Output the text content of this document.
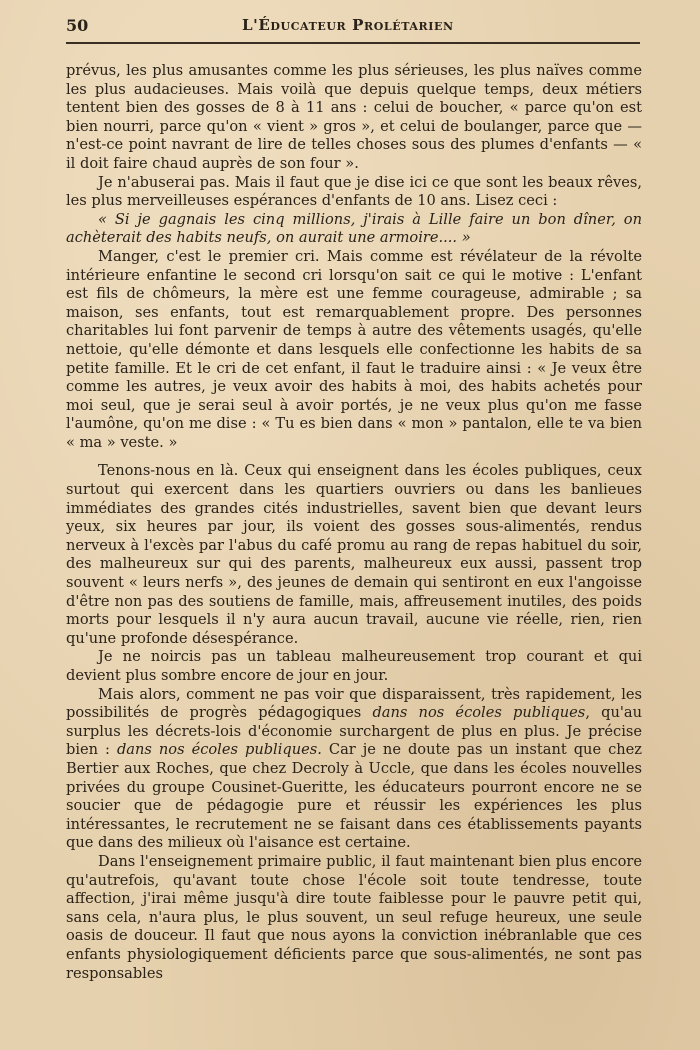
50	L'Éducateur Prolétarien

prévus, les plus amusantes comme les plus sérieuses, les plus naïves comme les plus audacieuses. Mais voilà que depuis quelque temps, deux métiers tentent bien des gosses de 8 à 11 ans : celui de boucher, « parce qu'on est bien nourri, parce qu'on « vient » gros », et celui de boulanger, parce que — n'est-ce point navrant de lire de telles choses sous des plumes d'enfants — « il doit faire chaud auprès de son four ».

Je n'abuserai pas. Mais il faut que je dise ici ce que sont les beaux rêves, les plus merveilleuses espérances d'enfants de 10 ans. Lisez ceci :

« Si je gagnais les cinq millions, j'irais à Lille faire un bon dîner, on achèterait des habits neufs, on aurait une armoire.... »

Manger, c'est le premier cri. Mais comme est révélateur de la révolte intérieure enfantine le second cri lorsqu'on sait ce qui le motive : L'enfant est fils de chômeurs, la mère est une femme courageuse, admirable ; sa maison, ses enfants, tout est remarquablement propre. Des personnes charitables lui font parvenir de temps à autre des vêtements usagés, qu'elle nettoie, qu'elle démonte et dans lesquels elle confectionne les habits de sa petite famille. Et le cri de cet enfant, il faut le traduire ainsi : « Je veux être comme les autres, je veux avoir des habits à moi, des habits achetés pour moi seul, que je serai seul à avoir portés, je ne veux plus qu'on me fasse l'aumône, qu'on me dise : « Tu es bien dans « mon » pantalon, elle te va bien « ma » veste. »

Tenons-nous en là. Ceux qui enseignent dans les écoles publiques, ceux surtout qui exercent dans les quartiers ouvriers ou dans les banlieues immédiates des grandes cités industrielles, savent bien que devant leurs yeux, six heures par jour, ils voient des gosses sous-alimentés, rendus nerveux à l'excès par l'abus du café promu au rang de repas habituel du soir, des malheureux sur qui des parents, malheureux eux aussi, passent trop souvent « leurs nerfs », des jeunes de demain qui sentiront en eux l'angoisse d'être non pas des soutiens de famille, mais, affreusement inutiles, des poids morts pour lesquels il n'y aura aucun travail, aucune vie réelle, rien, rien qu'une profonde désespérance.

Je ne noircis pas un tableau malheureusement trop courant et qui devient plus sombre encore de jour en jour.

Mais alors, comment ne pas voir que disparaissent, très rapidement, les possibilités de progrès pédagogiques dans nos écoles publiques, qu'au surplus les décrets-lois d'économie surchargent de plus en plus. Je précise bien : dans nos écoles publiques. Car je ne doute pas un instant que chez Bertier aux Roches, que chez Decroly à Uccle, que dans les écoles nouvelles privées du groupe Cousinet-Gueritte, les éducateurs pourront encore ne se soucier que de pédagogie pure et réussir les expériences les plus intéressantes, le recrutement ne se faisant dans ces établissements payants que dans des milieux où l'aisance est certaine.

Dans l'enseignement primaire public, il faut maintenant bien plus encore qu'autrefois, qu'avant toute chose l'école soit toute tendresse, toute affection, j'irai même jusqu'à dire toute faiblesse pour le pauvre petit qui, sans cela, n'aura plus, le plus souvent, un seul refuge heureux, une seule oasis de douceur. Il faut que nous ayons la conviction inébranlable que ces enfants physiologiquement déficients parce que sous-alimentés, ne sont pas responsables
